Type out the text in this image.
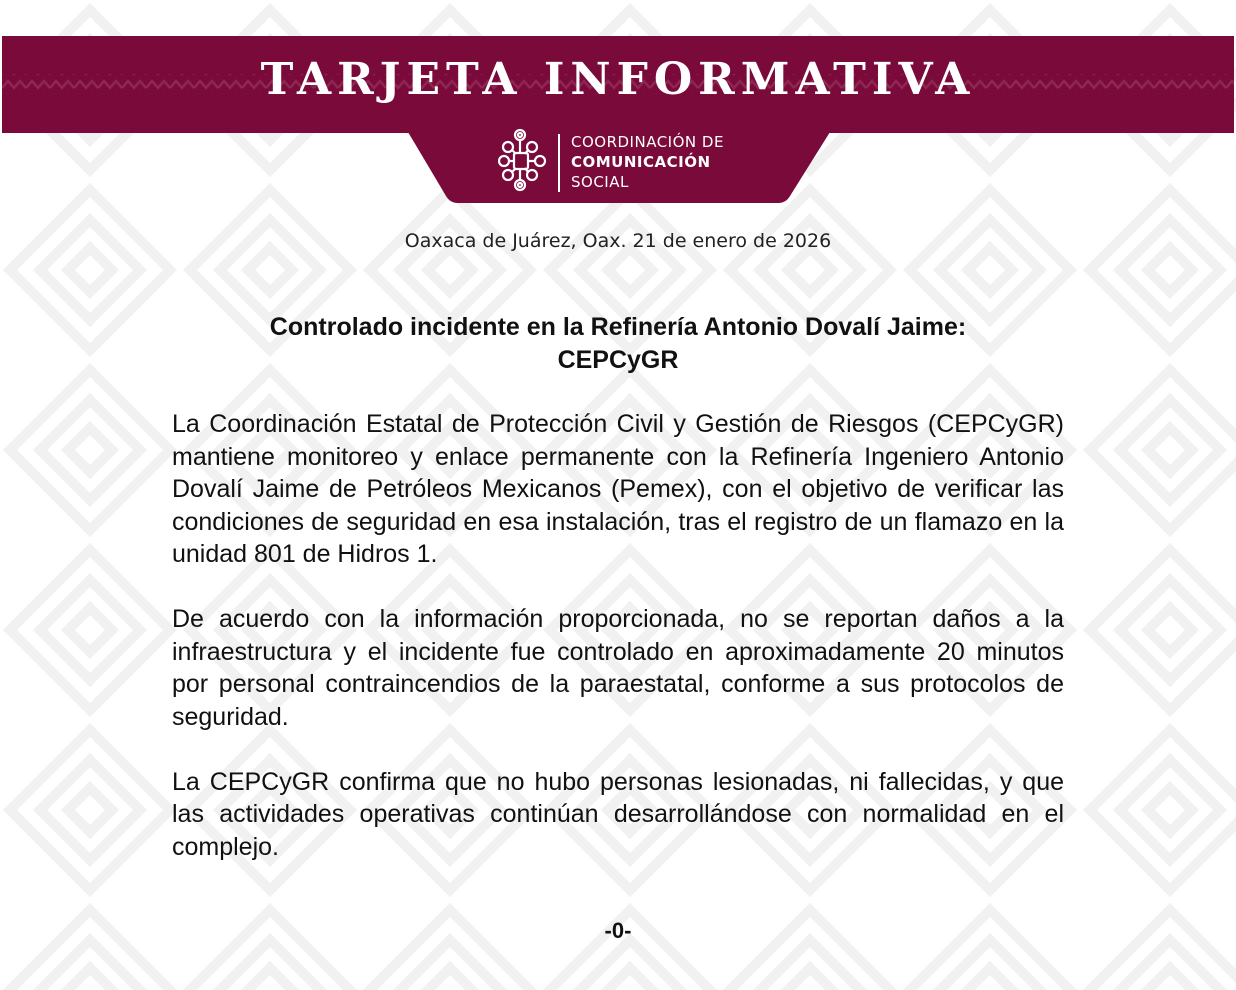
TARJETA INFORMATIVA
COORDINACIÓN DE
COMUNICACIÓN
SOCIAL
Oaxaca de Juárez, Oax. 21 de enero de 2026
Controlado incidente en la Refinería Antonio Dovalí Jaime:
CEPCyGR

La Coordinación Estatal de Protección Civil y Gestión de Riesgos (CEPCyGR) mantiene monitoreo y enlace permanente con la Refinería Ingeniero Antonio Dovalí Jaime de Petróleos Mexicanos (Pemex), con el objetivo de verificar las condiciones de seguridad en esa instalación, tras el registro de un flamazo en la unidad 801 de Hidros 1.

De acuerdo con la información proporcionada, no se reportan daños a la infraestructura y el incidente fue controlado en aproximadamente 20 minutos por personal contraincendios de la paraestatal, conforme a sus protocolos de seguridad.

La CEPCyGR confirma que no hubo personas lesionadas, ni fallecidas, y que las actividades operativas continúan desarrollándose con normalidad en el complejo.

-0-
